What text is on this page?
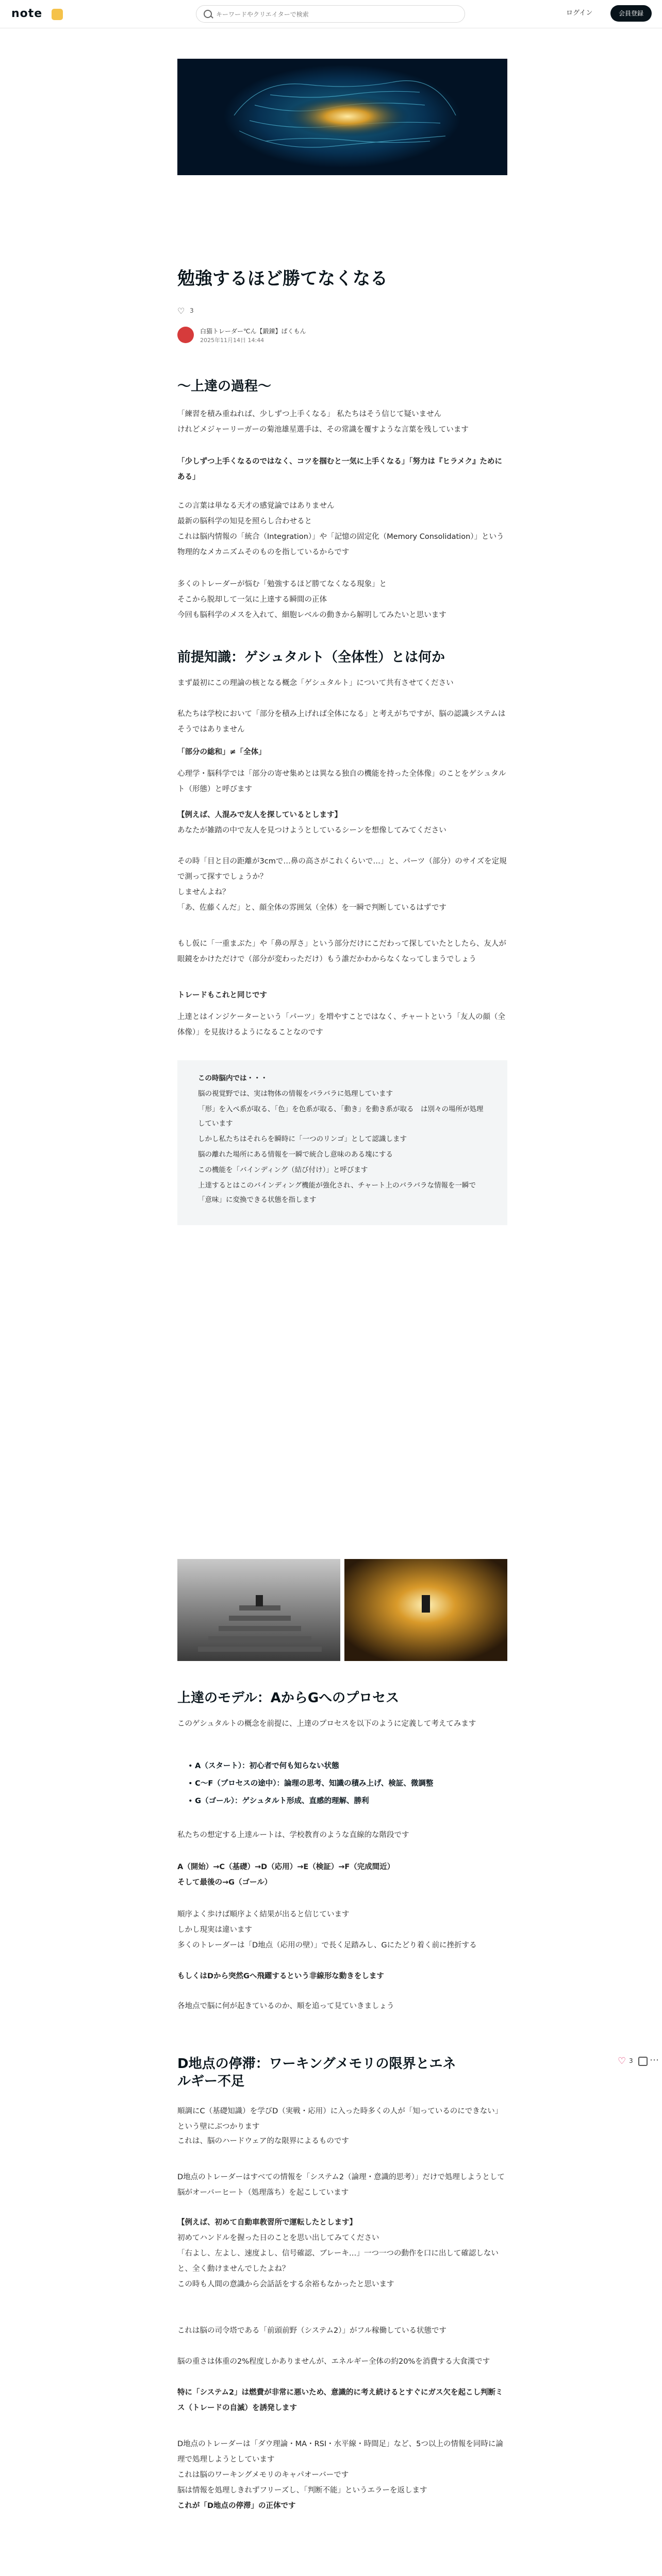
note
キーワードやクリエイターで検索	ログイン	会員登録
勉強するほど勝てなくなる
♡ 3
白猫トレーダー℃ん【鍛錬】ぱくもん
2025年11月14日 14:44
〜上達の過程〜

「練習を積み重ねれば、少しずつ上手くなる」 私たちはそう信じて疑いません

けれどメジャーリーガーの菊池雄星選手は、その常識を覆すような言葉を残しています

「少しずつ上手くなるのではなく、コツを掴むと一気に上手くなる」「努力は『ヒラメク』ためにある」

この言葉は単なる天才の感覚論ではありません

最新の脳科学の知見を照らし合わせると

これは脳内情報の「統合（Integration）」や「記憶の固定化（Memory Consolidation）」という物理的なメカニズムそのものを指しているからです

多くのトレーダーが悩む「勉強するほど勝てなくなる現象」と

そこから脱却して一気に上達する瞬間の正体

今回も脳科学のメスを入れて、細胞レベルの動きから解明してみたいと思います

前提知識：ゲシュタルト（全体性）とは何か

まず最初にこの理論の核となる概念「ゲシュタルト」について共有させてください

私たちは学校において「部分を積み上げれば全体になる」と考えがちですが、脳の認識システムはそうではありません

「部分の総和」≠「全体」

心理学・脳科学では「部分の寄せ集めとは異なる独自の機能を持った全体像」のことをゲシュタルト（形態）と呼びます

【例えば、人混みで友人を探しているとします】

あなたが雑踏の中で友人を見つけようとしているシーンを想像してみてください

その時「目と目の距離が3cmで…鼻の高さがこれくらいで…」と、パーツ（部分）のサイズを定規で測って探すでしょうか？

しませんよね？

「あ、佐藤くんだ」と、顔全体の雰囲気（全体）を一瞬で判断しているはずです

もし仮に「一重まぶた」や「鼻の厚さ」という部分だけにこだわって探していたとしたら、友人が眼鏡をかけただけで（部分が変わっただけ）もう誰だかわからなくなってしまうでしょう

トレードもこれと同じです

上達とはインジケーターという「パーツ」を増やすことではなく、チャートという「友人の顔（全体像）」を見抜けるようになることなのです

この時脳内では・・・

脳の視覚野では、実は物体の情報をバラバラに処理しています

「形」を入ぺ系が取る、「色」を色系が取る、「動き」を動き系が取る　は別々の場所が処理しています

しかし私たちはそれらを瞬時に「一つのリンゴ」として認識します

脳の離れた場所にある情報を一瞬で統合し意味のある塊にする

この機能を「バインディング（結び付け）」と呼びます

上達するとはこのバインディング機能が強化され、チャート上のバラバラな情報を一瞬で「意味」に変換できる状態を指します

上達のモデル：AからGへのプロセス

このゲシュタルトの概念を前提に、上達のプロセスを以下のように定義して考えてみます

• A（スタート）：初心者で何も知らない状態
• C〜F（プロセスの途中）：論理の思考、知識の積み上げ、検証、微調整
• G（ゴール）：ゲシュタルト形成、直感的理解、勝利

私たちの想定する上達ルートは、学校教育のような直線的な階段です

A（開始）→C（基礎）→D（応用）→E（検証）→F（完成間近）

そして最後の→G（ゴール）

順序よく歩けば順序よく結果が出ると信じています

しかし現実は違います

多くのトレーダーは「D地点（応用の壁）」で長く足踏みし、Gにたどり着く前に挫折する

もしくはDから突然Gへ飛躍するという非線形な動きをします

各地点で脳に何が起きているのか、順を追って見ていきましょう

♡ 3 ⋯
D地点の停滞：ワーキングメモリの限界とエネルギー不足

順調にC（基礎知識）を学びD（実戦・応用）に入った時多くの人が「知っているのにできない」という壁にぶつかります

これは、脳のハードウェア的な限界によるものです

D地点のトレーダーはすべての情報を「システム2（論理・意識的思考）」だけで処理しようとして脳がオーバーヒート（処理落ち）を起こしています

【例えば、初めて自動車教習所で運転したとします】

初めてハンドルを握った日のことを思い出してみてください

「右よし、左よし、速度よし、信号確認、ブレーキ…」一つ一つの動作を口に出して確認しないと、全く動けませんでしたよね？

この時も人間の意識から会話話をする余裕もなかったと思います

これは脳の司令塔である「前頭前野（システム2）」がフル稼働している状態です

脳の重さは体重の2%程度しかありませんが、エネルギー全体の約20%を消費する大食漢です

特に「システム2」は燃費が非常に悪いため、意識的に考え続けるとすぐにガス欠を起こし判断ミス（トレードの自滅）を誘発します

D地点のトレーダーは「ダウ理論・MA・RSI・水平線・時間足」など、5つ以上の情報を同時に論理で処理しようとしています

これは脳のワーキングメモリのキャパオーバーです

脳は情報を処理しきれずフリーズし、「判断不能」というエラーを返します

これが「D地点の停滞」の正体です
